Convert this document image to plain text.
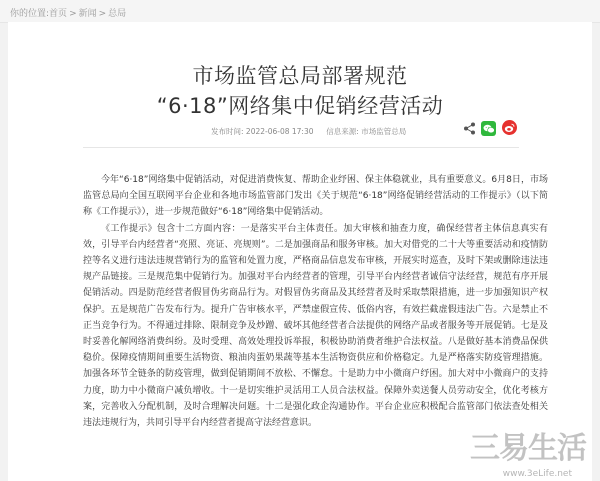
你的位置:首页 > 新闻 > 总局
市场监管总局部署规范
“6·18”网络集中促销经营活动
发布时间: 2022-06-08 17:30 信息来源: 市场监管总局

今年“6·18”网络集中促销活动，对促进消费恢复、帮助企业纾困、保主体稳就业，具有重要意义。6月8日，市场监管总局向全国互联网平台企业和各地市场监管部门发出《关于规范“6·18”网络促销经营活动的工作提示》（以下简称《工作提示》），进一步规范做好“6·18”网络集中促销活动。

《工作提示》包含十二方面内容：一是落实平台主体责任。加大审核和抽查力度，确保经营者主体信息真实有效，引导平台内经营者“亮照、亮证、亮规则”。二是加强商品和服务审核。加大对借党的二十大等重要活动和疫情防控等名义进行违法违规营销行为的监管和处置力度，严格商品信息发布审核，开展实时巡查，及时下架或删除违法违规产品链接。三是规范集中促销行为。加强对平台内经营者的管理，引导平台内经营者诚信守法经营，规范有序开展促销活动。四是防范经营者假冒伪劣商品行为。对假冒伪劣商品及其经营者及时采取禁限措施，进一步加强知识产权保护。五是规范广告发布行为。提升广告审核水平，严禁虚假宣传、低俗内容，有效拦截虚假违法广告。六是禁止不正当竞争行为。不得通过排除、限制竞争及炒蹭、破坏其他经营者合法提供的网络产品或者服务等开展促销。七是及时妥善化解网络消费纠纷。及时受理、高效处理投诉举报，积极协助消费者维护合法权益。八是做好基本消费品保供稳价。保障疫情期间重要生活物资、粮油肉蛋奶果蔬等基本生活物资供应和价格稳定。九是严格落实防疫管理措施。加强各环节全链条的防疫管理，做到促销期间不放松、不懈怠。十是助力中小微商户纾困。加大对中小微商户的支持力度，助力中小微商户减负增收。十一是切实维护灵活用工人员合法权益。保障外卖送餐人员劳动安全，优化考核方案，完善收入分配机制，及时合理解决问题。十二是强化政企沟通协作。平台企业应积极配合监管部门依法查处相关违法违规行为，共同引导平台内经营者提高守法经营意识。

三易生活
www.3eLife.net
